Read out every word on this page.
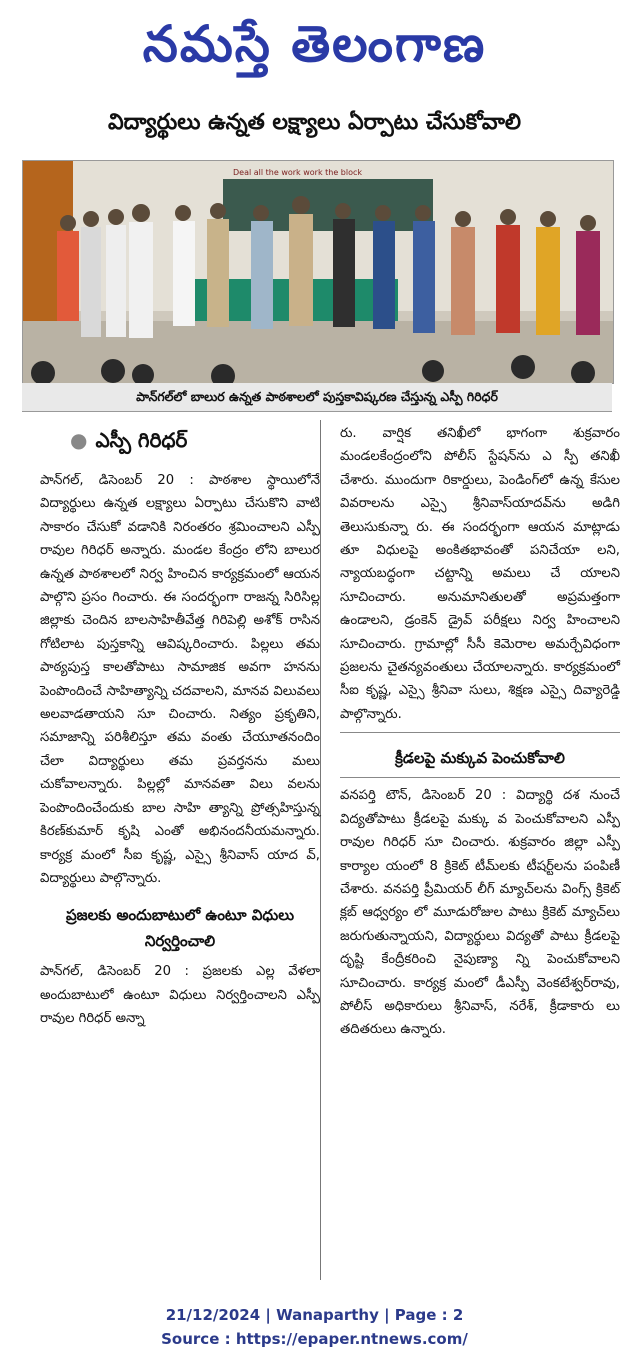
నమస్తే తెలంగాణ
విద్యార్థులు ఉన్నత లక్ష్యాలు ఏర్పాటు చేసుకోవాలి
Deal all the work work the block
పాన్‌గల్‌లో బాలుర ఉన్నత పాఠశాలలో పుస్తకావిష్కరణ చేస్తున్న ఎస్పీ గిరిధర్
● ఎస్పీ గిరిధర్

పాన్‌గల్, డిసెంబర్ 20 : పాఠశాల స్థాయిలోనే విద్యార్థులు ఉన్నత లక్ష్యాలు ఏర్పాటు చేసుకొని వాటి సాకారం చేసుకో వడానికి నిరంతరం శ్రమించాలని ఎస్పీ రావుల గిరిధర్ అన్నారు. మండల కేంద్రం లోని బాలుర ఉన్నత పాఠశాలలో నిర్వ హించిన కార్యక్రమంలో ఆయన పాల్గొని ప్రసం గించారు. ఈ సందర్భంగా రాజన్న సిరిసిల్ల జిల్లాకు చెందిన బాలసాహితీవేత్త గిరిపెల్లి అశోక్ రాసిన గోటిలాట పుస్తకాన్ని ఆవిష్కరించారు. పిల్లలు తమ పాఠ్యపుస్త కాలతోపాటు సామాజిక అవగా హనను పెంపొందించే సాహిత్యాన్ని చదవాలని, మానవ విలువలు అలవాడతాయని సూ చించారు. నిత్యం ప్రకృతిని, సమాజాన్ని పరిశీలిస్తూ తమ వంతు చేయూతనందిం చేలా విద్యార్థులు తమ ప్రవర్తనను మలు చుకోవాలన్నారు. పిల్లల్లో మానవతా విలు వలను పెంపొందించేందుకు బాల సాహి త్యాన్ని ప్రోత్సహిస్తున్న కిరణ్‌కుమార్ కృషి ఎంతో అభినందనీయమన్నారు. కార్యక్ర మంలో సీఐ కృష్ణ, ఎస్సై శ్రీనివాస్ యాద వ్, విద్యార్థులు పాల్గొన్నారు.

ప్రజలకు అందుబాటులో ఉంటూ విధులు నిర్వర్తించాలి

పాన్‌గల్, డిసెంబర్ 20 : ప్రజలకు ఎల్ల వేళలా అందుబాటులో ఉంటూ విధులు నిర్వర్తించాలని ఎస్పీ రావుల గిరిధర్ అన్నా

రు. వార్షిక తనిఖీలో భాగంగా శుక్రవారం మండలకేంద్రంలోని పోలీస్ స్టేషన్‌ను ఎ స్పీ తనిఖీ చేశారు. ముందుగా రికార్డులు, పెండింగ్‌లో ఉన్న కేసుల వివరాలను ఎస్సై శ్రీనివాస్‌యాదవ్‌ను అడిగి తెలుసుకున్నా రు. ఈ సందర్భంగా ఆయన మాట్లాడు తూ విధులపై అంకితభావంతో పనిచేయా లని, న్యాయబద్ధంగా చట్టాన్ని అమలు చే యాలని సూచించారు. అనుమానితులతో అప్రమత్తంగా ఉండాలని, డ్రంకెన్ డ్రైవ్ పరీక్షలు నిర్వ హించాలని సూచించారు. గ్రామాల్లో సీసీ కెమెరాల అమర్చేవిధంగా ప్రజలను చైతన్యవంతులు చేయాలన్నారు. కార్యక్రమంలో సీఐ కృష్ణ, ఎస్సై శ్రీనివా సులు, శిక్షణ ఎస్సై దివ్యారెడ్డి పాల్గొన్నారు.

క్రీడలపై మక్కువ పెంచుకోవాలి

వనపర్తి టౌన్, డిసెంబర్ 20 : విద్యార్థి దశ నుంచే విద్యతోపాటు క్రీడలపై మక్కు వ పెంచుకోవాలని ఎస్పీ రావుల గిరిధర్ సూ చించారు. శుక్రవారం జిల్లా ఎస్పీ కార్యాల యంలో 8 క్రికెట్ టీమ్‌లకు టీషర్ట్‌లను పంపిణీ చేశారు. వనపర్తి ప్రీమియర్ లీగ్ మ్యాచ్‌లను వింగ్స్ క్రికెట్ క్లబ్ ఆధ్వర్యం లో మూడురోజుల పాటు క్రికెట్ మ్యాచ్‌లు జరుగుతున్నాయని, విద్యార్థులు విద్యతో పాటు క్రీడలపై దృష్టి కేంద్రీకరించి నైపుణ్యా న్ని పెంచుకోవాలని సూచించారు. కార్యక్ర మంలో డీఎస్పీ వెంకటేశ్వర్‌రావు, పోలీస్ అధికారులు శ్రీనివాస్, నరేశ్, క్రీడాకారు లు తదితరులు ఉన్నారు.

21/12/2024 | Wanaparthy | Page : 2
Source : https://epaper.ntnews.com/
